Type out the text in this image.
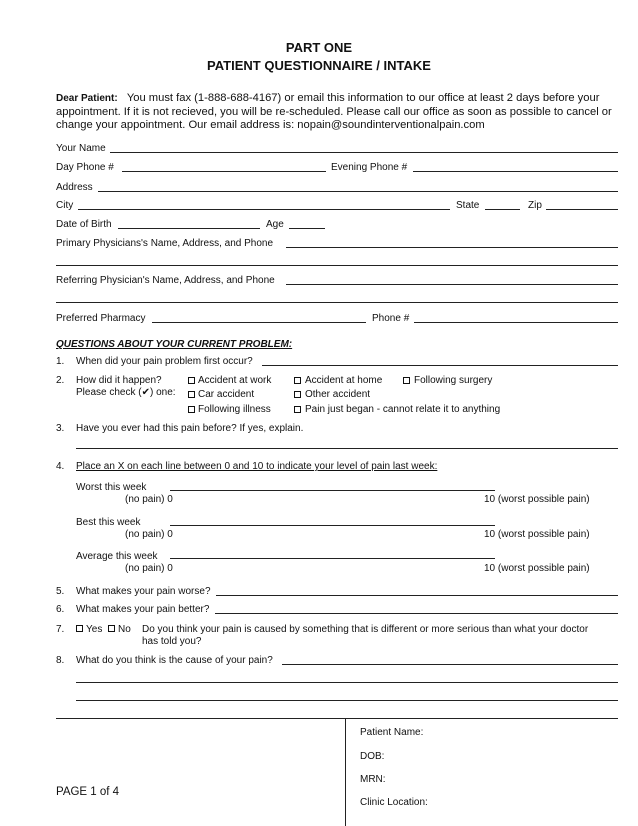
PART ONE
PATIENT QUESTIONNAIRE / INTAKE
Dear Patient: You must fax (1-888-688-4167) or email this information to our office at least 2 days before your appointment. If it is not recieved, you will be re-scheduled. Please call our office as soon as possible to cancel or change your appointment. Our email address is: nopain@soundinterventionalpain.com
Your Name
Day Phone #	Evening Phone #
Address
City	State	Zip
Date of Birth	Age
Primary Physicians's Name, Address, and Phone
Referring Physician's Name, Address, and Phone
Preferred Pharmacy	Phone #
QUESTIONS ABOUT YOUR CURRENT PROBLEM:
1. When did your pain problem first occur?
2. How did it happen?
Please check (✔) one:
Accident at work	Accident at home	Following surgery
Car accident	Other accident
Following illness	Pain just began - cannot relate it to anything
3. Have you ever had this pain before? If yes, explain.
4. Place an X on each line between 0 and 10 to indicate your level of pain last week:
Worst this week
(no pain) 0	10 (worst possible pain)
Best this week
(no pain) 0	10 (worst possible pain)
Average this week
(no pain) 0	10 (worst possible pain)
5. What makes your pain worse?
6. What makes your pain better?
7. Yes No Do you think your pain is caused by something that is different or more serious than what your doctor
has told you?
8. What do you think is the cause of your pain?
Patient Name:
DOB:
MRN:
Clinic Location:
PAGE 1 of 4
